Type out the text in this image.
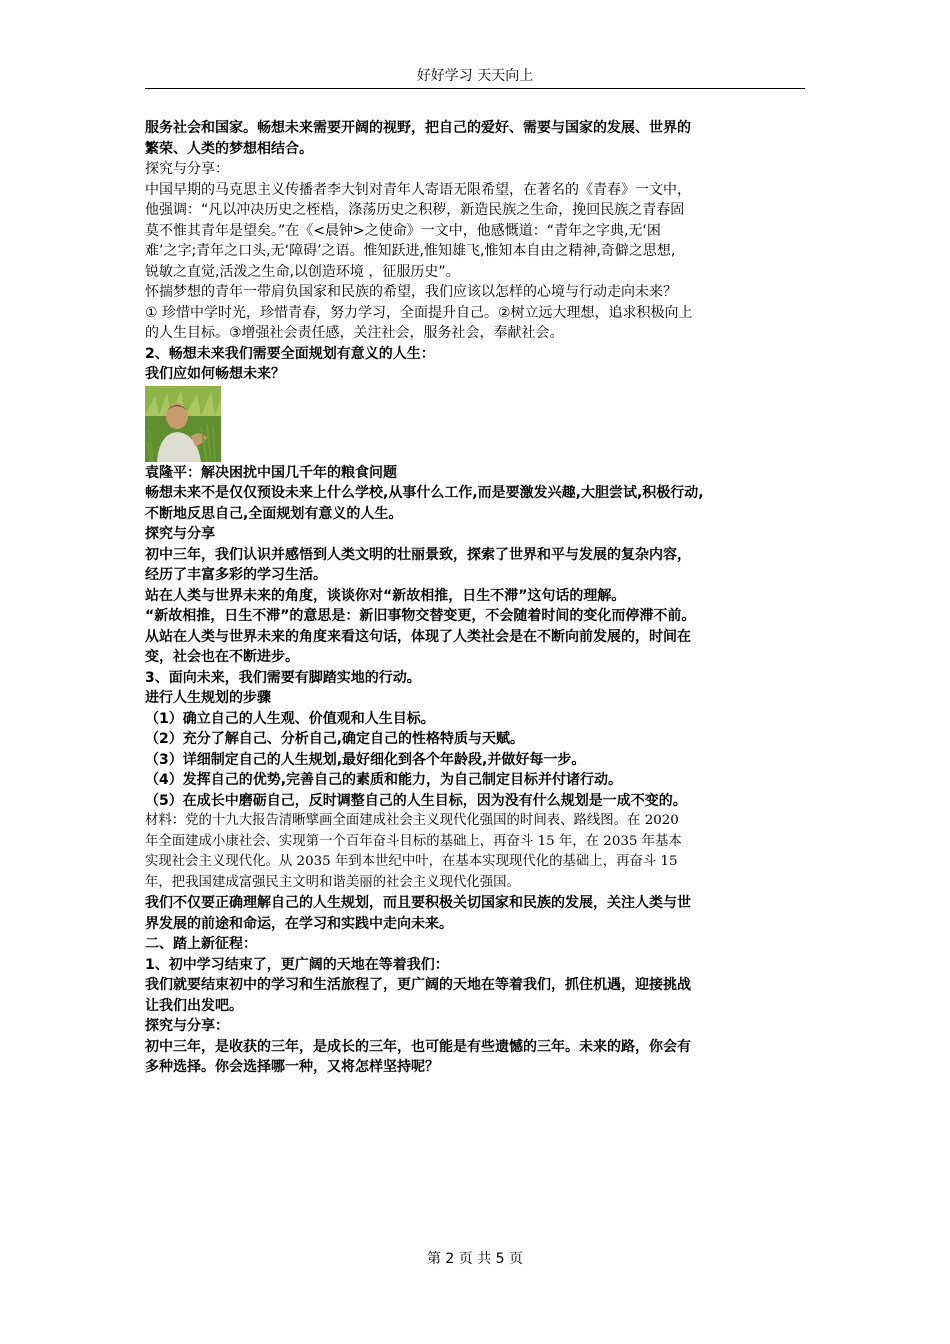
好好学习 天天向上
服务社会和国家。畅想未来需要开阔的视野，把自己的爱好、需要与国家的发展、世界的
繁荣、人类的梦想相结合。
探究与分享：
中国早期的马克思主义传播者李大钊对青年人寄语无限希望，在著名的《青春》一文中，
他强调：“凡以冲决历史之桎梏，涤荡历史之积秽，新造民族之生命，挽回民族之青春固
莫不惟其青年是望矣。”在《<晨钟>之使命》一文中，他感慨道：“青年之字典,无‘困
难’之字;青年之口头,无‘障碍’之语。惟知跃进,惟知雄飞,惟知本自由之精神,奇僻之思想,
锐敏之直觉,活泼之生命,以创造环境 ，征服历史”。
怀揣梦想的青年一带肩负国家和民族的希望，我们应该以怎样的心境与行动走向未来？
① 珍惜中学时光，珍惜青春，努力学习，全面提升自己。②树立远大理想，追求积极向上
的人生目标。③增强社会责任感，关注社会，服务社会，奉献社会。
2、畅想未来我们需要全面规划有意义的人生：
我们应如何畅想未来？
袁隆平：解决困扰中国几千年的粮食问题
畅想未来不是仅仅预设未来上什么学校,从事什么工作,而是要激发兴趣,大胆尝试,积极行动,
不断地反思自己,全面规划有意义的人生。
探究与分享
初中三年，我们认识并感悟到人类文明的壮丽景致，探索了世界和平与发展的复杂内容，
经历了丰富多彩的学习生活。
站在人类与世界未来的角度，谈谈你对“新故相推，日生不滞”这句话的理解。
“新故相推，日生不滞”的意思是：新旧事物交替变更，不会随着时间的变化而停滞不前。
从站在人类与世界未来的角度来看这句话，体现了人类社会是在不断向前发展的，时间在
变，社会也在不断进步。
3、面向未来，我们需要有脚踏实地的行动。
进行人生规划的步骤
（1）确立自己的人生观、价值观和人生目标。
（2）充分了解自己、分析自己,确定自己的性格特质与天赋。
（3）详细制定自己的人生规划,最好细化到各个年龄段,并做好每一步。
（4）发挥自己的优势,完善自己的素质和能力，为自己制定目标并付诸行动。
（5）在成长中磨砺自己，反时调整自己的人生目标，因为没有什么规划是一成不变的。
材料：党的十九大报告清晰擘画全面建成社会主义现代化强国的时间表、路线图。在 2020
年全面建成小康社会、实现第一个百年奋斗目标的基础上，再奋斗 15 年，在 2035 年基本
实现社会主义现代化。从 2035 年到本世纪中叶，在基本实现现代化的基础上，再奋斗 15
年，把我国建成富强民主文明和谐美丽的社会主义现代化强国。
我们不仅要正确理解自己的人生规划，而且要积极关切国家和民族的发展，关注人类与世
界发展的前途和命运，在学习和实践中走向未来。
二、踏上新征程：
1、初中学习结束了，更广阔的天地在等着我们：
我们就要结束初中的学习和生活旅程了，更广阔的天地在等着我们，抓住机遇，迎接挑战
让我们出发吧。
探究与分享：
初中三年，是收获的三年，是成长的三年，也可能是有些遗憾的三年。未来的路，你会有
多种选择。你会选择哪一种，又将怎样坚持呢？
第 2 页 共 5 页
